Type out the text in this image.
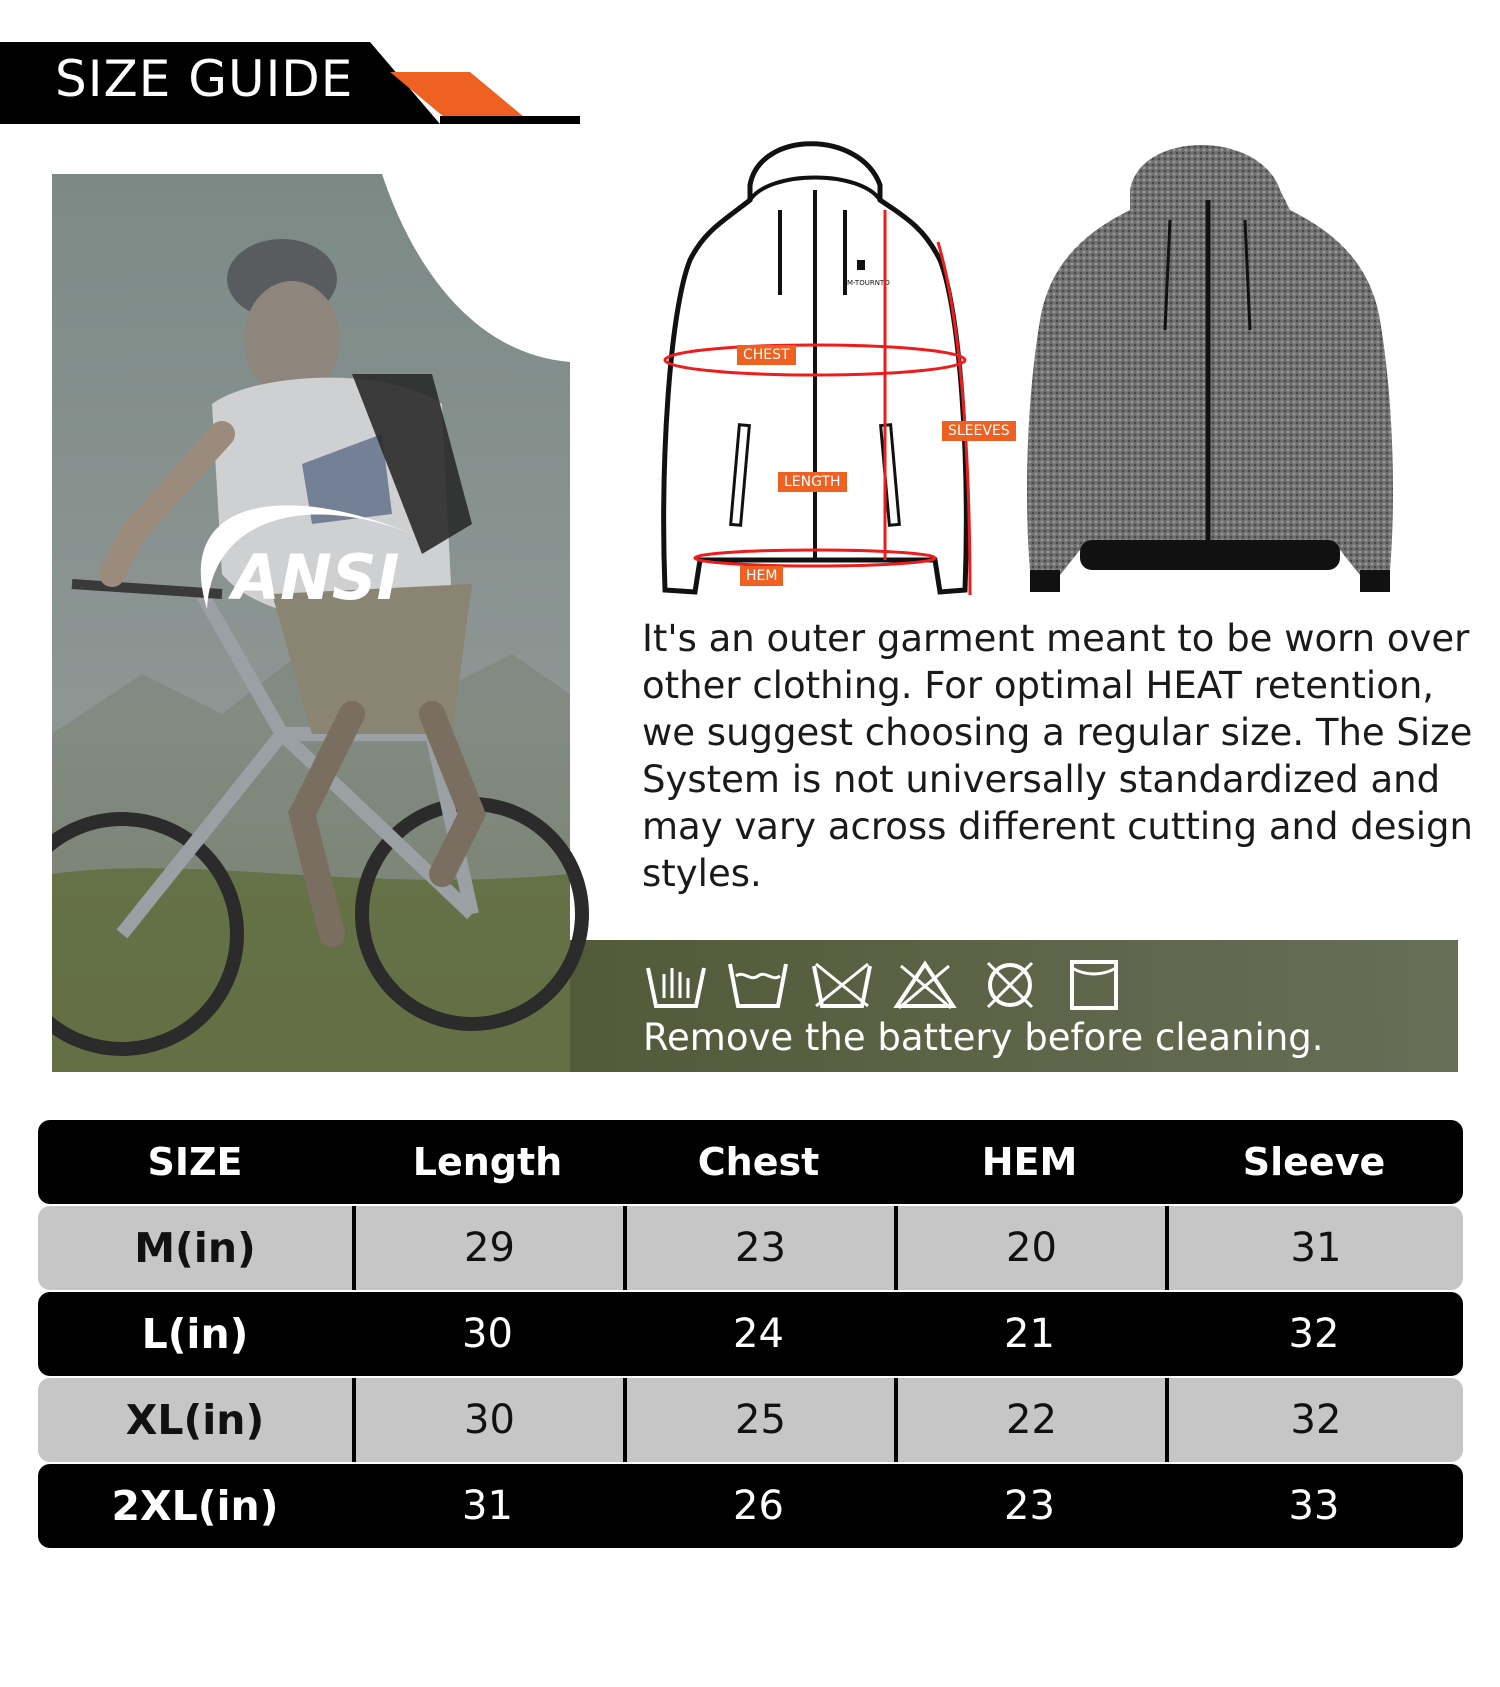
SIZE GUIDE
ANSI
M-TOURNTO
CHEST
SLEEVES
LENGTH
HEM

It's an outer garment meant to be worn over other clothing. For optimal HEAT retention, we suggest choosing a regular size. The Size System is not universally standardized and may vary across different cutting and design styles.

Remove the battery before cleaning.
SIZE	Length	Chest	HEM	Sleeve
M(in)	29	23	20	31
L(in)	30	24	21	32
XL(in)	30	25	22	32
2XL(in)	31	26	23	33
